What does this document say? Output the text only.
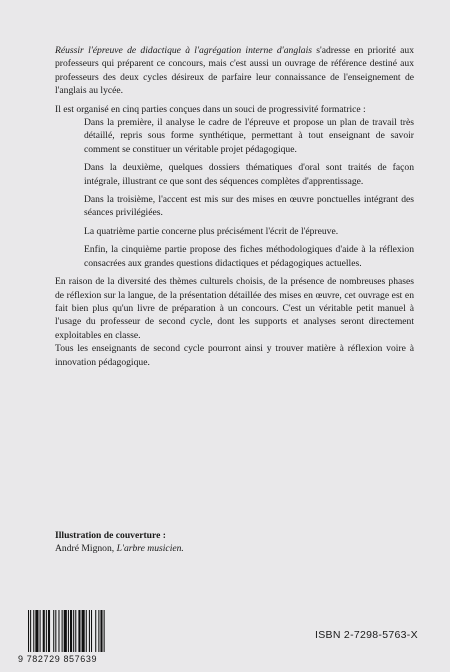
Réussir l'épreuve de didactique à l'agrégation interne d'anglais s'adresse en priorité aux professeurs qui préparent ce concours, mais c'est aussi un ouvrage de référence destiné aux professeurs des deux cycles désireux de parfaire leur connaissance de l'enseignement de l'anglais au lycée.

Il est organisé en cinq parties conçues dans un souci de progressivité formatrice :

Dans la première, il analyse le cadre de l'épreuve et propose un plan de travail très détaillé, repris sous forme synthétique, permettant à tout enseignant de savoir comment se constituer un véritable projet pédagogique.

Dans la deuxième, quelques dossiers thématiques d'oral sont traités de façon intégrale, illustrant ce que sont des séquences complètes d'apprentissage.

Dans la troisième, l'accent est mis sur des mises en œuvre ponctuelles intégrant des séances privilégiées.

La quatrième partie concerne plus précisément l'écrit de l'épreuve.

Enfin, la cinquième partie propose des fiches méthodologiques d'aide à la réflexion consacrées aux grandes questions didactiques et pédagogiques actuelles.

En raison de la diversité des thèmes culturels choisis, de la présence de nombreuses phases de réflexion sur la langue, de la présentation détaillée des mises en œuvre, cet ouvrage est en fait bien plus qu'un livre de préparation à un concours. C'est un véritable petit manuel à l'usage du professeur de second cycle, dont les supports et analyses seront directement exploitables en classe.

Tous les enseignants de second cycle pourront ainsi y trouver matière à réflexion voire à innovation pédagogique.

Illustration de couverture :
André Mignon, L'arbre musicien.
9 782729 857639
ISBN 2-7298-5763-X
